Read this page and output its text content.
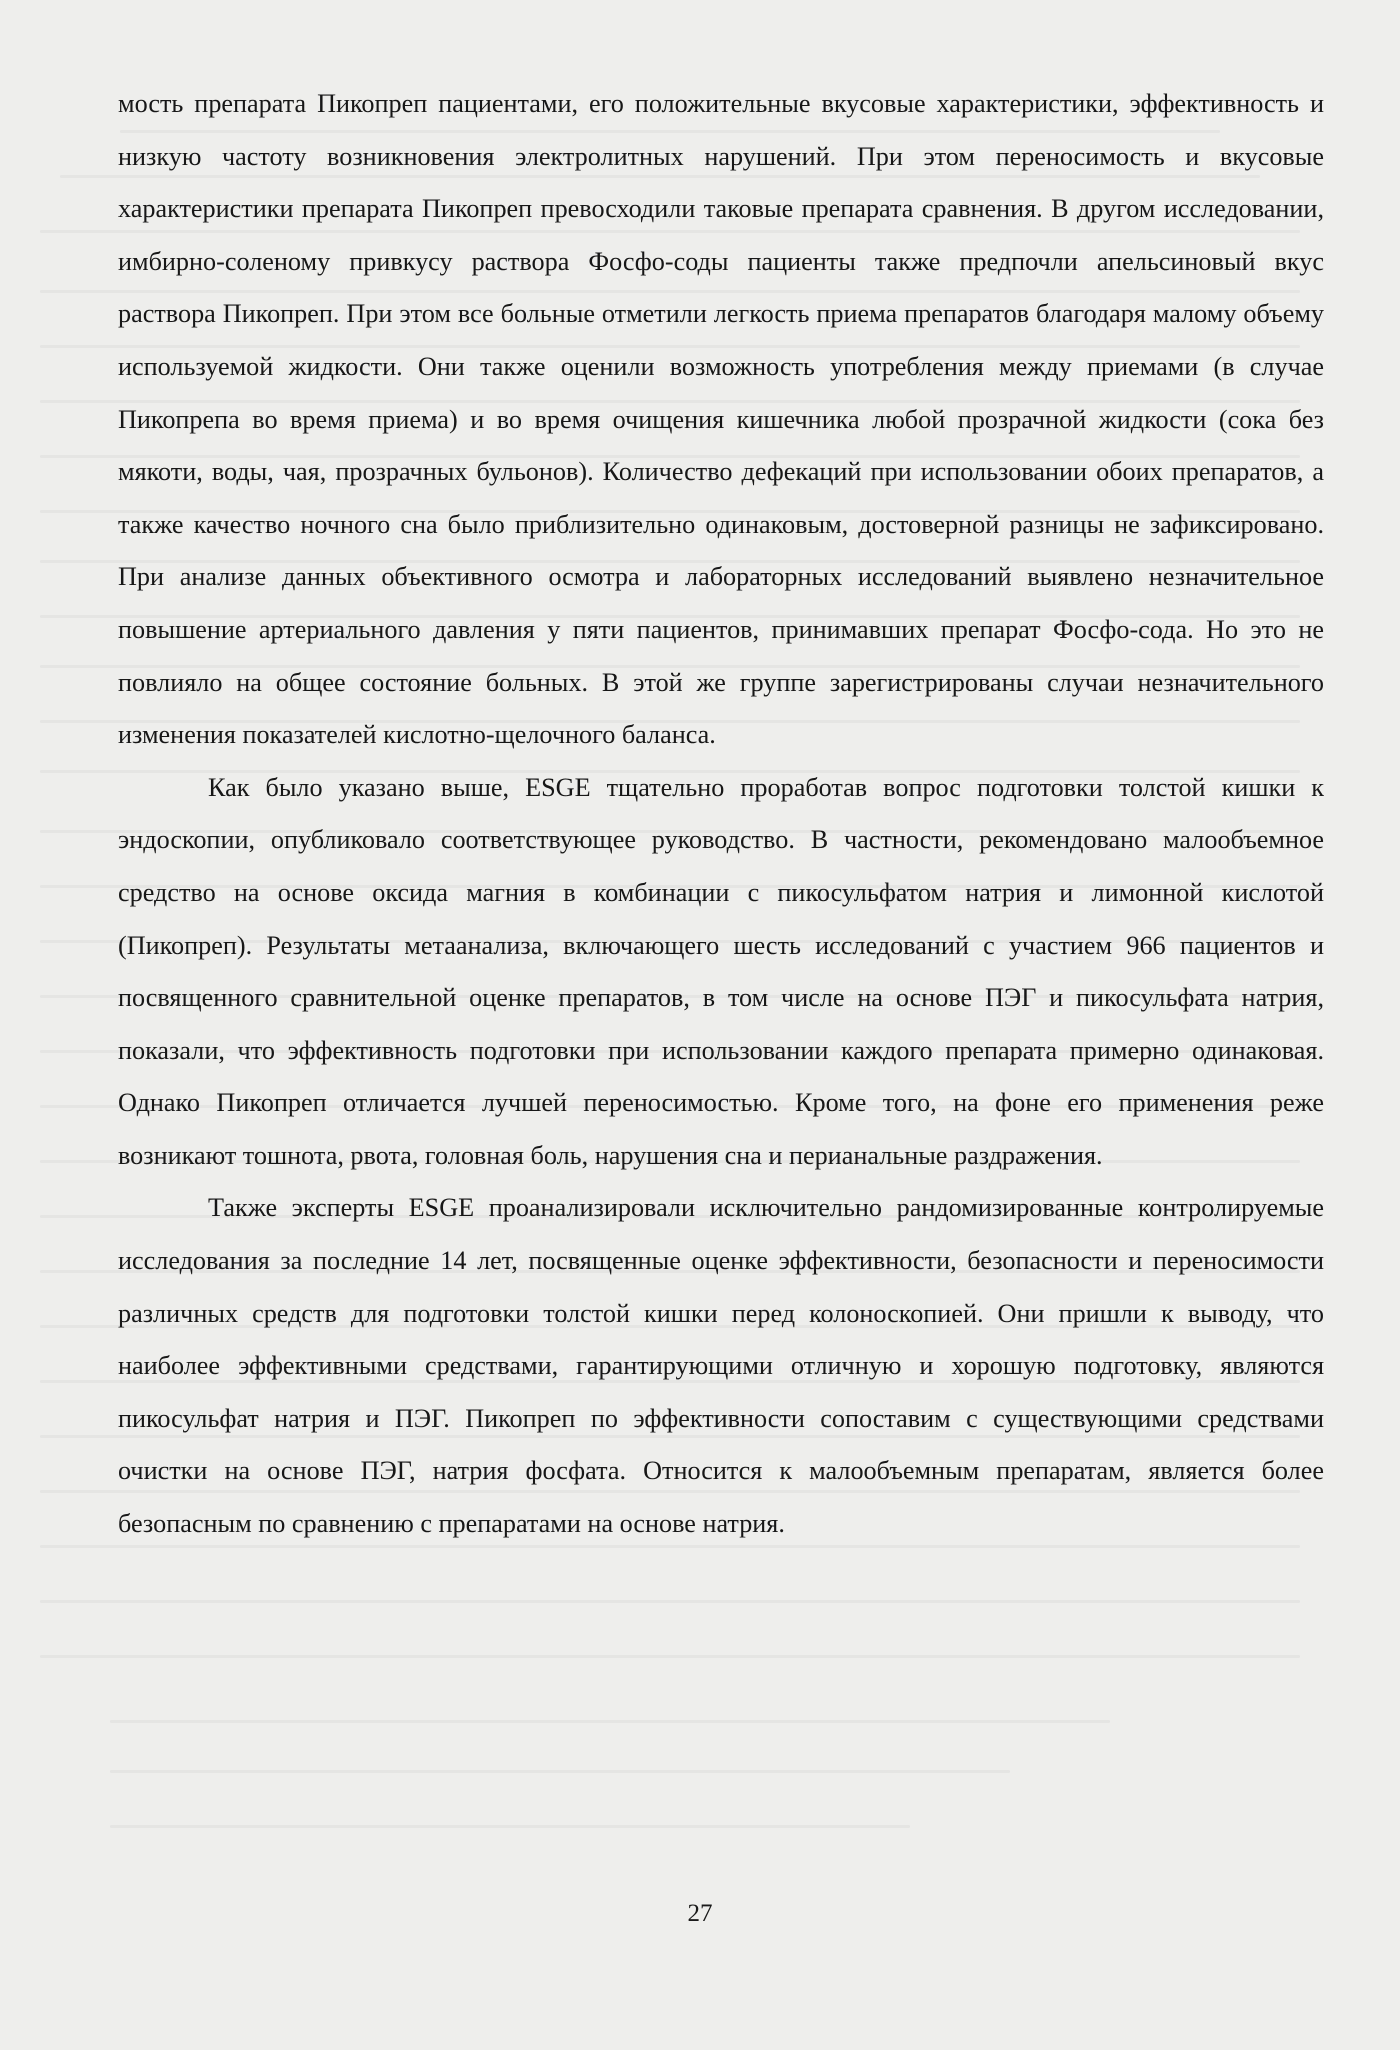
мость препарата Пикопреп пациентами, его положительные вкусовые характеристики, эффективность и низкую частоту возникновения электролитных нарушений. При этом переносимость и вкусовые характеристики препарата Пикопреп превосходили таковые препарата сравнения. В другом исследовании, имбирно-соленому привкусу раствора Фосфо-соды пациенты также предпочли апельсиновый вкус раствора Пикопреп. При этом все больные отметили легкость приема препаратов благодаря малому объему используемой жидкости. Они также оценили возможность употребления между приемами (в случае Пикопрепа во время приема) и во время очищения кишечника любой прозрачной жидкости (сока без мякоти, воды, чая, прозрачных бульонов). Количество дефекаций при использовании обоих препаратов, а также качество ночного сна было приблизительно одинаковым, достоверной разницы не зафиксировано. При анализе данных объективного осмотра и лабораторных исследований выявлено незначительное повышение артериального давления у пяти пациентов, принимавших препарат Фосфо-сода. Но это не повлияло на общее состояние больных. В этой же группе зарегистрированы случаи незначительного изменения показателей кислотно-щелочного баланса.

Как было указано выше, ESGE тщательно проработав вопрос подготовки толстой кишки к эндоскопии, опубликовало соответствующее руководство. В частности, рекомендовано малообъемное средство на основе оксида магния в комбинации с пикосульфатом натрия и лимонной кислотой (Пикопреп). Результаты метаанализа, включающего шесть исследований с участием 966 пациентов и посвященного сравнительной оценке препаратов, в том числе на основе ПЭГ и пикосульфата натрия, показали, что эффективность подготовки при использовании каждого препарата примерно одинаковая. Однако Пикопреп отличается лучшей переносимостью. Кроме того, на фоне его применения реже возникают тошнота, рвота, головная боль, нарушения сна и перианальные раздражения.

Также эксперты ESGE проанализировали исключительно рандомизированные контролируемые исследования за последние 14 лет, посвященные оценке эффективности, безопасности и переносимости различных средств для подготовки толстой кишки перед колоноскопией. Они пришли к выводу, что наиболее эффективными средствами, гарантирующими отличную и хорошую подготовку, являются пикосульфат натрия и ПЭГ. Пикопреп по эффективности сопоставим с существующими средствами очистки на основе ПЭГ, натрия фосфата. Относится к малообъемным препаратам, является более безопасным по сравнению с препаратами на основе натрия.

27
